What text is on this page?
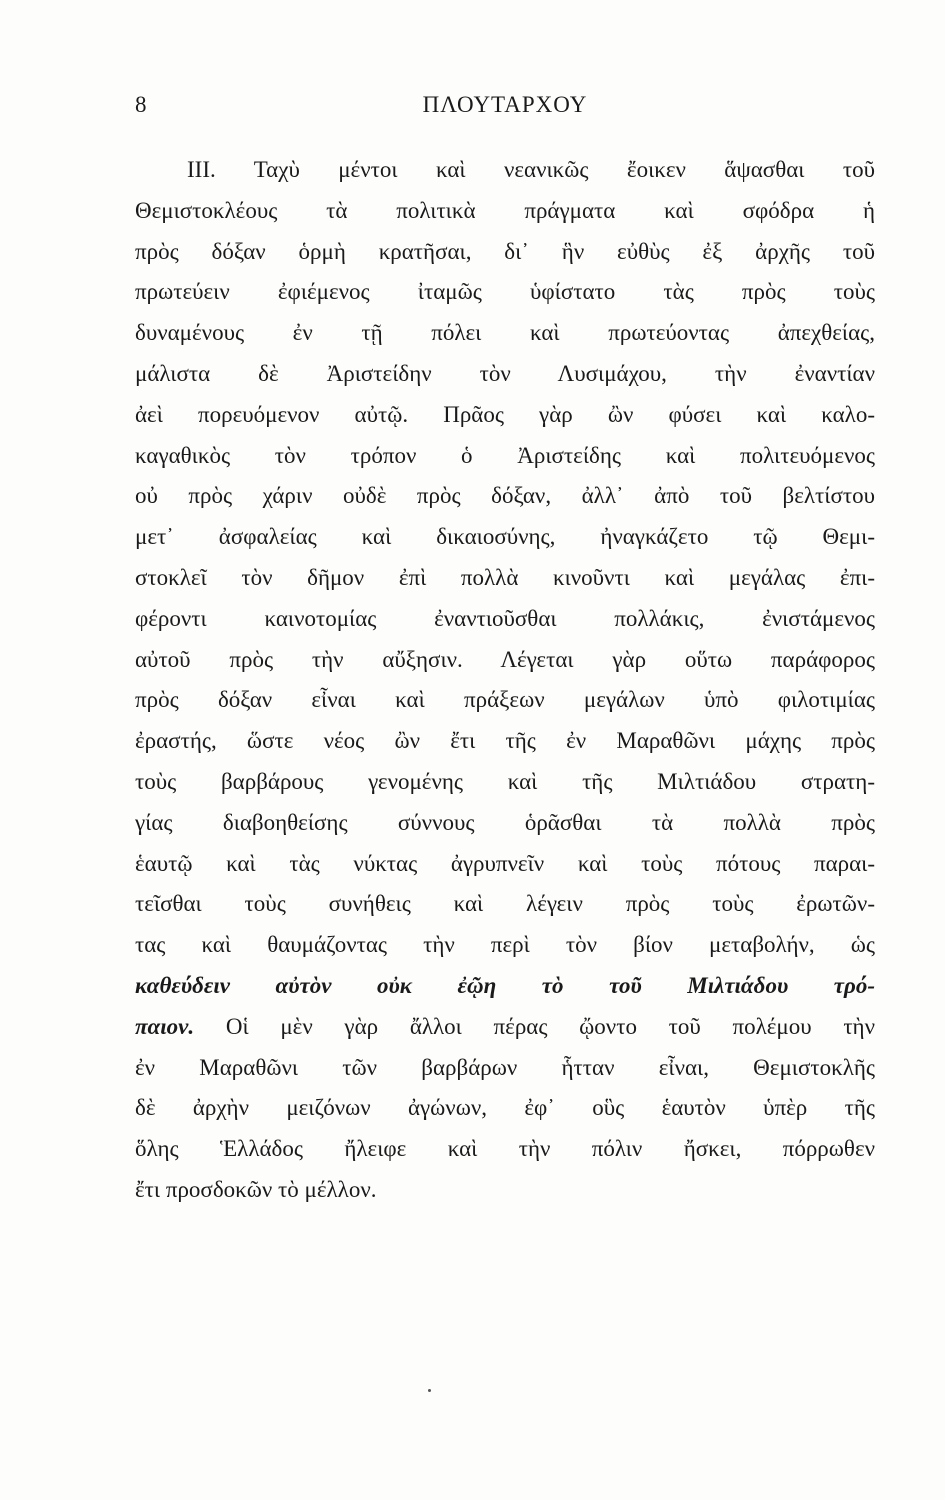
8	ΠΛΟΥΤΑΡΧΟΥ
ΙΙΙ. Ταχὺ μέντοι καὶ νεανικῶς ἔοικεν ἅψασθαι τοῦ
Θεμιστοκλέους τὰ πολιτικὰ πράγματα καὶ σφόδρα ἡ
πρὸς δόξαν ὁρμὴ κρατῆσαι, δι᾽ ἣν εὐθὺς ἐξ ἀρχῆς τοῦ
πρωτεύειν ἐφιέμενος ἰταμῶς ὑφίστατο τὰς πρὸς τοὺς
δυναμένους ἐν τῇ πόλει καὶ πρωτεύοντας ἀπεχθείας,
μάλιστα δὲ Ἀριστείδην τὸν Λυσιμάχου, τὴν ἐναντίαν
ἀεὶ πορευόμενον αὐτῷ. Πρᾶος γὰρ ὢν φύσει καὶ καλο-
καγαθικὸς τὸν τρόπον ὁ Ἀριστείδης καὶ πολιτευόμενος
οὐ πρὸς χάριν οὐδὲ πρὸς δόξαν, ἀλλ᾽ ἀπὸ τοῦ βελτίστου
μετ᾽ ἀσφαλείας καὶ δικαιοσύνης, ἠναγκάζετο τῷ Θεμι-
στοκλεῖ τὸν δῆμον ἐπὶ πολλὰ κινοῦντι καὶ μεγάλας ἐπι-
φέροντι καινοτομίας ἐναντιοῦσθαι πολλάκις, ἐνιστάμενος
αὐτοῦ πρὸς τὴν αὔξησιν. Λέγεται γὰρ οὕτω παράφορος
πρὸς δόξαν εἶναι καὶ πράξεων μεγάλων ὑπὸ φιλοτιμίας
ἐραστής, ὥστε νέος ὢν ἔτι τῆς ἐν Μαραθῶνι μάχης πρὸς
τοὺς βαρβάρους γενομένης καὶ τῆς Μιλτιάδου στρατη-
γίας διαβοηθείσης σύννους ὁρᾶσθαι τὰ πολλὰ πρὸς
ἑαυτῷ καὶ τὰς νύκτας ἀγρυπνεῖν καὶ τοὺς πότους παραι-
τεῖσθαι τοὺς συνήθεις καὶ λέγειν πρὸς τοὺς ἐρωτῶν-
τας καὶ θαυμάζοντας τὴν περὶ τὸν βίον μεταβολήν, ὡς
καθεύδειν αὐτὸν οὐκ ἐῷη τὸ τοῦ Μιλτιάδου τρό-
παιον. Οἱ μὲν γὰρ ἄλλοι πέρας ᾤοντο τοῦ πολέμου τὴν
ἐν Μαραθῶνι τῶν βαρβάρων ἧτταν εἶναι, Θεμιστοκλῆς
δὲ ἀρχὴν μειζόνων ἀγώνων, ἐφ᾽ οὓς ἑαυτὸν ὑπὲρ τῆς
ὅλης Ἑλλάδος ἤλειφε καὶ τὴν πόλιν ἤσκει, πόρρωθεν
ἔτι προσδοκῶν τὸ μέλλον.
